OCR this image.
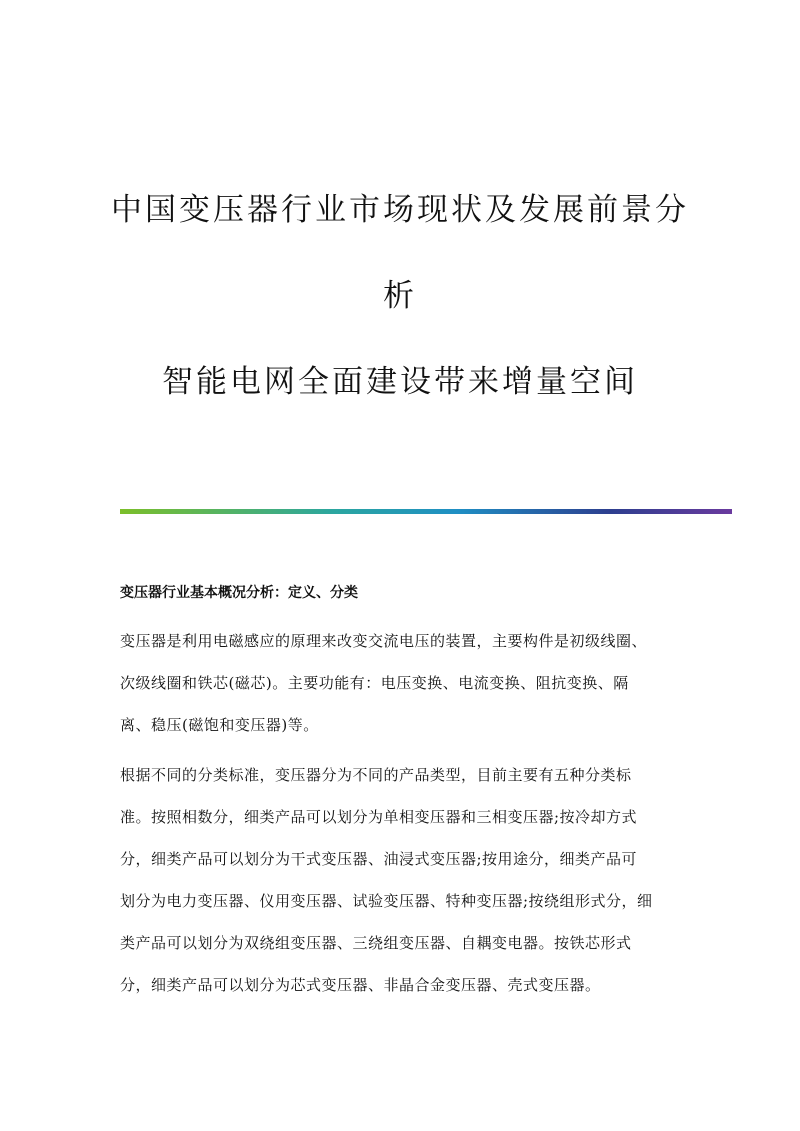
中国变压器行业市场现状及发展前景分
析
智能电网全面建设带来增量空间
变压器行业基本概况分析：定义、分类
变压器是利用电磁感应的原理来改变交流电压的装置，主要构件是初级线圈、
次级线圈和铁芯(磁芯)。主要功能有：电压变换、电流变换、阻抗变换、隔
离、稳压(磁饱和变压器)等。
根据不同的分类标准，变压器分为不同的产品类型，目前主要有五种分类标
准。按照相数分，细类产品可以划分为单相变压器和三相变压器;按冷却方式
分，细类产品可以划分为干式变压器、油浸式变压器;按用途分，细类产品可
划分为电力变压器、仪用变压器、试验变压器、特种变压器;按绕组形式分，细
类产品可以划分为双绕组变压器、三绕组变压器、自耦变电器。按铁芯形式
分，细类产品可以划分为芯式变压器、非晶合金变压器、壳式变压器。
